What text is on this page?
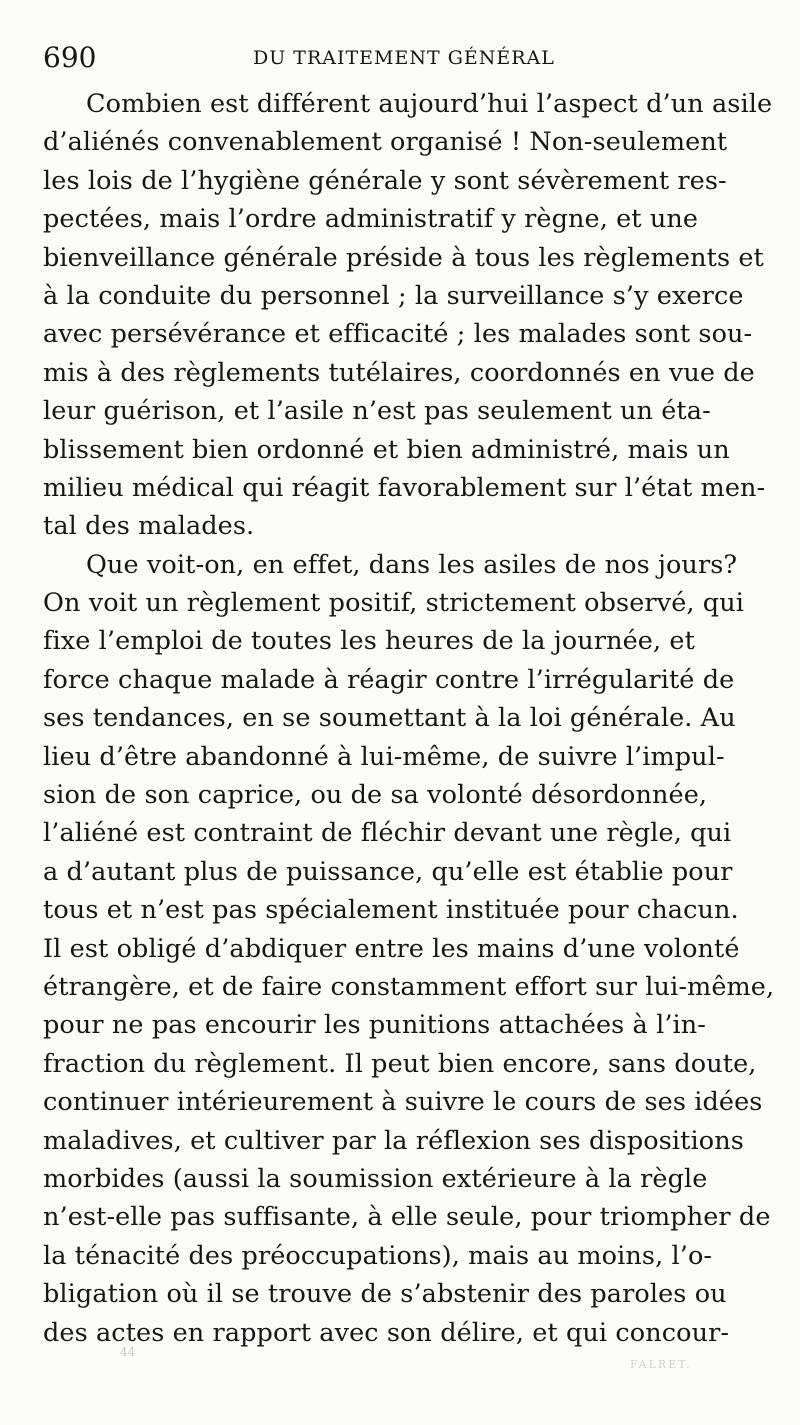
690	DU TRAITEMENT GÉNÉRAL
Combien est différent aujourd’hui l’aspect d’un asile
d’aliénés convenablement organisé ! Non-seulement
les lois de l’hygiène générale y sont sévèrement res-
pectées, mais l’ordre administratif y règne, et une
bienveillance générale préside à tous les règlements et
à la conduite du personnel ; la surveillance s’y exerce
avec persévérance et efficacité ; les malades sont sou-
mis à des règlements tutélaires, coordonnés en vue de
leur guérison, et l’asile n’est pas seulement un éta-
blissement bien ordonné et bien administré, mais un
milieu médical qui réagit favorablement sur l’état men-
tal des malades.
Que voit-on, en effet, dans les asiles de nos jours?
On voit un règlement positif, strictement observé, qui
fixe l’emploi de toutes les heures de la journée, et
force chaque malade à réagir contre l’irrégularité de
ses tendances, en se soumettant à la loi générale. Au
lieu d’être abandonné à lui-même, de suivre l’impul-
sion de son caprice, ou de sa volonté désordonnée,
l’aliéné est contraint de fléchir devant une règle, qui
a d’autant plus de puissance, qu’elle est établie pour
tous et n’est pas spécialement instituée pour chacun.
Il est obligé d’abdiquer entre les mains d’une volonté
étrangère, et de faire constamment effort sur lui-même,
pour ne pas encourir les punitions attachées à l’in-
fraction du règlement. Il peut bien encore, sans doute,
continuer intérieurement à suivre le cours de ses idées
maladives, et cultiver par la réflexion ses dispositions
morbides (aussi la soumission extérieure à la règle
n’est-elle pas suffisante, à elle seule, pour triompher de
la ténacité des préoccupations), mais au moins, l’o-
bligation où il se trouve de s’abstenir des paroles ou
des actes en rapport avec son délire, et qui concour-
44
FALRET.
